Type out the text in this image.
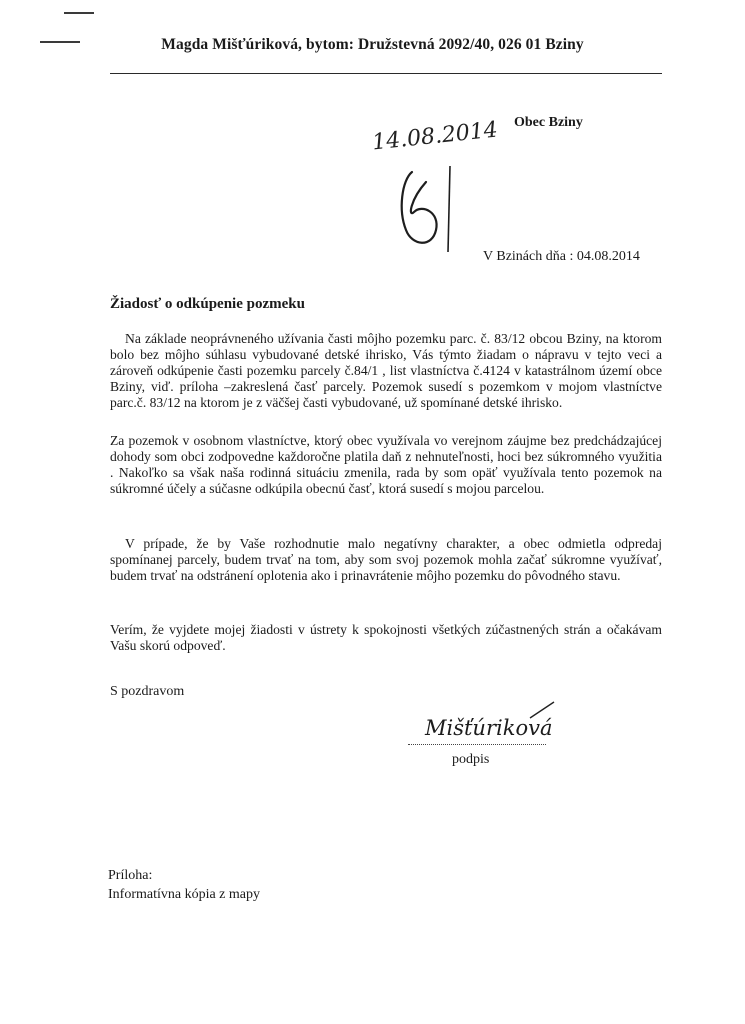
Magda Mišťúriková, bytom: Družstevná 2092/40, 026 01 Bziny
Obec Bziny
14.08.2014
V Bzinách dňa : 04.08.2014
Žiadosť o odkúpenie pozmeku
Na základe neoprávneného užívania časti môjho pozemku parc. č. 83/12 obcou Bziny, na ktorom bolo bez môjho súhlasu vybudované detské ihrisko, Vás týmto žiadam o nápravu v tejto veci a zároveň odkúpenie časti pozemku parcely č.84/1 , list vlastníctva č.4124 v katastrálnom území obce Bziny, viď. príloha –zakreslená časť parcely. Pozemok susedí s pozemkom v mojom vlastníctve parc.č. 83/12 na ktorom je z väčšej časti vybudované, už spomínané detské ihrisko.
Za pozemok v osobnom vlastníctve, ktorý obec využívala vo verejnom záujme bez predchádzajúcej dohody som obci zodpovedne každoročne platila daň z nehnuteľnosti, hoci bez súkromného využitia . Nakoľko sa však naša rodinná situáciu zmenila, rada by som opäť využívala tento pozemok na súkromné účely a súčasne odkúpila obecnú časť, ktorá susedí s mojou parcelou.
V prípade, že by Vaše rozhodnutie malo negatívny charakter, a obec odmietla odpredaj spomínanej parcely, budem trvať na tom, aby som svoj pozemok mohla začať súkromne využívať, budem trvať na odstránení oplotenia ako i prinavrátenie môjho pozemku do pôvodného stavu.
Verím, že vyjdete mojej žiadosti v ústrety k spokojnosti všetkých zúčastnených strán a očakávam Vašu skorú odpoveď.
S pozdravom
Mišťúriková
podpis
Príloha:
Informatívna kópia z mapy
